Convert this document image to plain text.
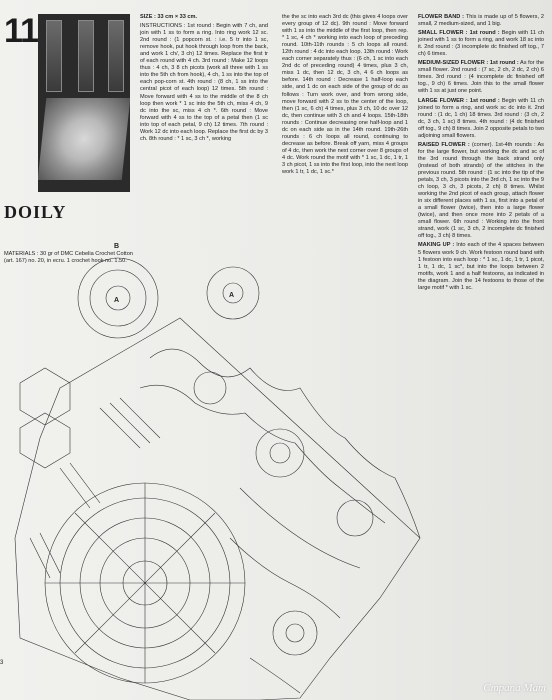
11
DOILY
MATERIALS : 30 gr of DMC Cebelia Crochet Cotton (art. 167) no. 20, in ecru. 1 crochet hook no. 1.50.

SIZE : 33 cm × 33 cm.

INSTRUCTIONS : 1st round : Begin with 7 ch, and join with 1 ss to form a ring. Into ring work 12 sc. 2nd round : (1 popcorn st. : i.e. 5 tr into 1 sc, remove hook, put hook through loop from the back, and work 1 ch/, 3 ch) 12 times. Replace the first tr of each round with 4 ch. 3rd round : Make 12 loops thus : 4 ch, 3 8 ch picots (work all three with 1 ss into the 5th ch from hook), 4 ch, 1 ss into the top of each pop-corn st. 4th round : (8 ch, 1 ss into the central picot of each loop) 12 times. 5th round : Move forward with 4 ss to the middle of the 8 ch loop then work * 1 sc into the 5th ch, miss 4 ch, 9 dc into the sc, miss 4 ch *. 6th round : Move forward with 4 ss to the top of a petal then (1 sc into top of each petal, 9 ch) 12 times. 7th round : Work 12 dc into each loop. Replace the first dc by 3 ch. 8th round : * 1 sc, 3 ch *, working

the the sc into each 3rd dc (this gives 4 loops over every group of 12 dc). 9th round : Move forward with 1 ss into the middle of the first loop, then rep. * 1 sc, 4 ch * working into each loop of preceding round. 10th-11th rounds : 5 ch loops all round. 12th round : 4 dc into each loop. 13th round : Work each corner separately thus : (6 ch, 1 sc into each 2nd dc of preceding round) 4 times, plus 3 ch, miss 1 dc, then 12 dc, 3 ch, 4 6 ch loops as before. 14th round : Decrease 1 half-loop each side, and 1 dc on each side of the group of dc as follows : Turn work over, and from wrong side, move forward with 2 ss to the center of the loop, then (1 sc, 6 ch) 4 times, plus 3 ch, 10 dc over 12 dc, then continue with 3 ch and 4 loops. 15th-18th rounds : Continue decreasing one half-loop and 1 dc on each side as in the 14th round. 19th-26th rounds : 6 ch loops all round, continuing to decrease as before. Break off yarn, miss 4 groups of 4 dc, then work the next corner over 8 groups of 4 dc. Work round the motif with * 1 sc, 1 dc, 1 tr, 1 3 ch picot, 1 ss into the first loop, into the next loop work 1 tr, 1 dc, 1 sc.*

FLOWER BAND : This is made up of 5 flowers, 2 small, 2 medium-sized, and 1 big.

SMALL FLOWER : 1st round : Begin with 11 ch joined with 1 ss to form a ring, and work 18 sc into it. 2nd round : (3 incomplete dc finished off tog., 7 ch) 6 times.

MEDIUM-SIZED FLOWER : 1st round : As for the small flower. 2nd round : (7 sc, 2 ch, 2 dc, 2 ch) 6 times. 3rd round : (4 incomplete dc finished off tog., 9 ch) 6 times. Join this to the small flower with 1 ss at just one point.

LARGE FLOWER : 1st round : Begin with 11 ch joined to form a ring, and work sc dc into it. 2nd round : (1 dc, 1 ch) 18 times. 3rd round : (3 ch, 2 dc, 3 ch, 1 sc) 8 times. 4th round : (4 dc finished off tog., 9 ch) 8 times. Join 2 opposite petals to two adjoining small flowers.

RAISED FLOWER : (corner). 1st-4th rounds : As for the large flower, but working the dc and sc of the 3rd round through the back strand only (instead of both strands) of the stitches in the previous round. 5th round : (1 sc into the tip of the petals, 3 ch, 3 picots into the 3rd ch, 1 sc into the 9 ch loop, 3 ch, 3 picots, 2 ch) 8 times. Whilst working the 2nd picot of each group, attach flower in six different places with 1 ss, first into a petal of a small flower (twice), then into a large flower (twice), and then once more into 2 petals of a small flower. 6th round : Working into the front strand, work (1 sc, 3 ch, 2 incomplete dc finished off tog., 3 ch) 8 times.

MAKING UP : Into each of the 4 spaces between 5 flowers work 9 ch. Work festoon round band with 1 festoon into each loop : * 1 sc, 1 dc, 1 tr, 1 picot, 1 tr, 1 dc, 1 sc*, but into the loops between 2 motifs, work 1 and a half festoons, as indicated in the diagram. Join the 14 festoons to those of the large motif * with 1 sc.

A
A
B
3
Cmpana Mam
